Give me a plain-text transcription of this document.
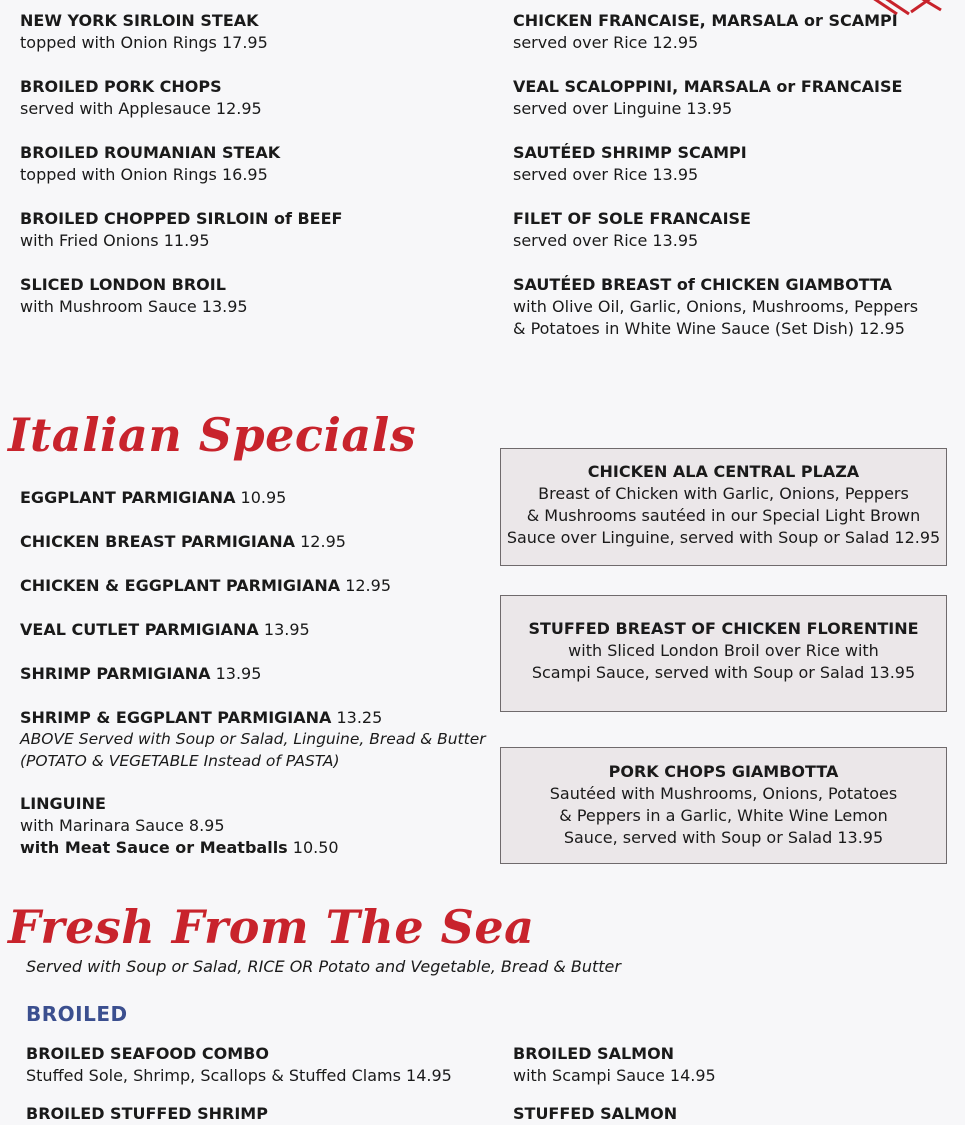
NEW YORK SIRLOIN STEAK
topped with Onion Rings 17.95
BROILED PORK CHOPS
served with Applesauce 12.95
BROILED ROUMANIAN STEAK
topped with Onion Rings 16.95
BROILED CHOPPED SIRLOIN of BEEF
with Fried Onions 11.95
SLICED LONDON BROIL
with Mushroom Sauce 13.95
CHICKEN FRANCAISE, MARSALA or SCAMPI
served over Rice 12.95
VEAL SCALOPPINI, MARSALA or FRANCAISE
served over Linguine 13.95
SAUTÉED SHRIMP SCAMPI
served over Rice 13.95
FILET OF SOLE FRANCAISE
served over Rice 13.95
SAUTÉED BREAST of CHICKEN GIAMBOTTA
with Olive Oil, Garlic, Onions, Mushrooms, Peppers
& Potatoes in White Wine Sauce (Set Dish) 12.95
Italian Specials
EGGPLANT PARMIGIANA 10.95
CHICKEN BREAST PARMIGIANA 12.95
CHICKEN & EGGPLANT PARMIGIANA 12.95
VEAL CUTLET PARMIGIANA 13.95
SHRIMP PARMIGIANA 13.95
SHRIMP & EGGPLANT PARMIGIANA 13.25
ABOVE Served with Soup or Salad, Linguine, Bread & Butter
(POTATO & VEGETABLE Instead of PASTA)
LINGUINE
with Marinara Sauce 8.95
with Meat Sauce or Meatballs 10.50
CHICKEN ALA CENTRAL PLAZA
Breast of Chicken with Garlic, Onions, Peppers
& Mushrooms sautéed in our Special Light Brown
Sauce over Linguine, served with Soup or Salad 12.95
STUFFED BREAST OF CHICKEN FLORENTINE
with Sliced London Broil over Rice with
Scampi Sauce, served with Soup or Salad 13.95
PORK CHOPS GIAMBOTTA
Sautéed with Mushrooms, Onions, Potatoes
& Peppers in a Garlic, White Wine Lemon
Sauce, served with Soup or Salad 13.95
Fresh From The Sea
Served with Soup or Salad, RICE OR Potato and Vegetable, Bread & Butter
BROILED
BROILED SEAFOOD COMBO
Stuffed Sole, Shrimp, Scallops & Stuffed Clams 14.95
BROILED SALMON
with Scampi Sauce 14.95
BROILED STUFFED SHRIMP	STUFFED SALMON
